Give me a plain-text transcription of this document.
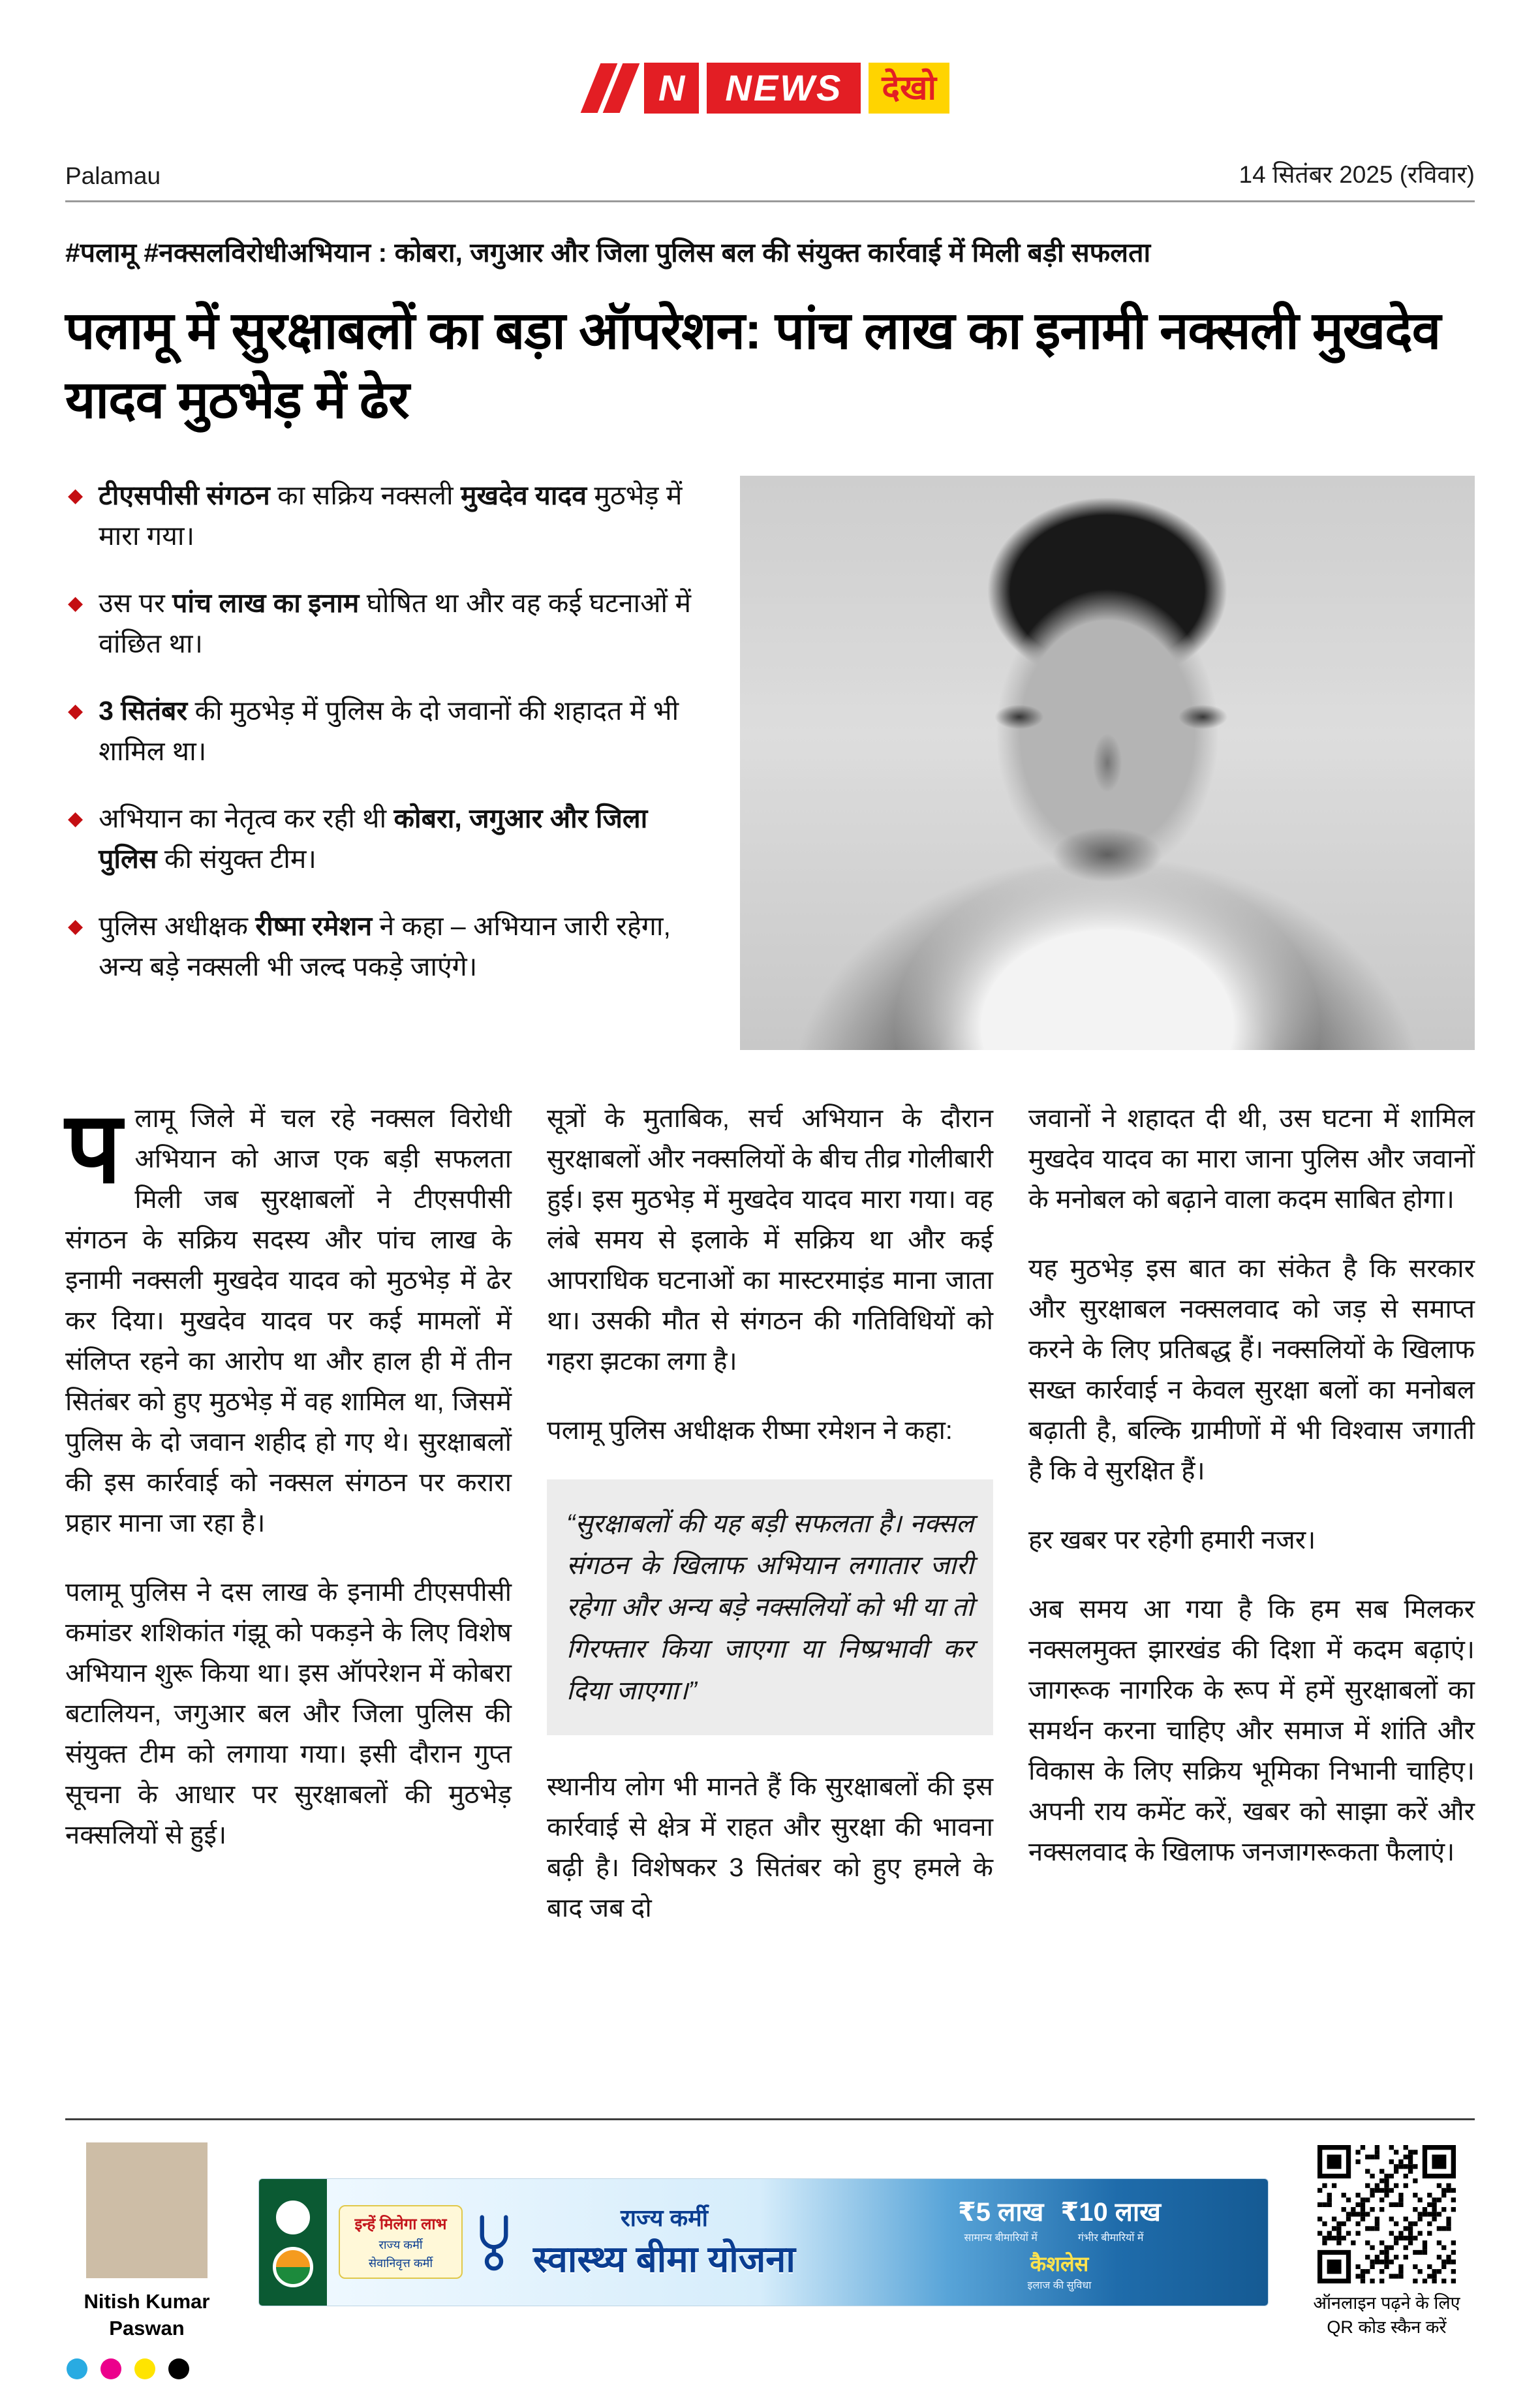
N	NEWS	देखो
Palamau	14 सितंबर 2025 (रविवार)
#पलामू #नक्सलविरोधीअभियान : कोबरा, जगुआर और जिला पुलिस बल की संयुक्त कार्रवाई में मिली बड़ी सफलता
पलामू में सुरक्षाबलों का बड़ा ऑपरेशन: पांच लाख का इनामी नक्सली मुखदेव यादव मुठभेड़ में ढेर
◆ टीएसपीसी संगठन का सक्रिय नक्सली मुखदेव यादव मुठभेड़ में मारा गया।
◆ उस पर पांच लाख का इनाम घोषित था और वह कई घटनाओं में वांछित था।
◆ 3 सितंबर की मुठभेड़ में पुलिस के दो जवानों की शहादत में भी शामिल था।
◆ अभियान का नेतृत्व कर रही थी कोबरा, जगुआर और जिला पुलिस की संयुक्त टीम।
◆ पुलिस अधीक्षक रीष्मा रमेशन ने कहा – अभियान जारी रहेगा, अन्य बड़े नक्सली भी जल्द पकड़े जाएंगे।

पलामू जिले में चल रहे नक्सल विरोधी अभियान को आज एक बड़ी सफलता मिली जब सुरक्षाबलों ने टीएसपीसी संगठन के सक्रिय सदस्य और पांच लाख के इनामी नक्सली मुखदेव यादव को मुठभेड़ में ढेर कर दिया। मुखदेव यादव पर कई मामलों में संलिप्त रहने का आरोप था और हाल ही में तीन सितंबर को हुए मुठभेड़ में वह शामिल था, जिसमें पुलिस के दो जवान शहीद हो गए थे। सुरक्षाबलों की इस कार्रवाई को नक्सल संगठन पर करारा प्रहार माना जा रहा है।

पलामू पुलिस ने दस लाख के इनामी टीएसपीसी कमांडर शशिकांत गंझू को पकड़ने के लिए विशेष अभियान शुरू किया था। इस ऑपरेशन में कोबरा बटालियन, जगुआर बल और जिला पुलिस की संयुक्त टीम को लगाया गया। इसी दौरान गुप्त सूचना के आधार पर सुरक्षाबलों की मुठभेड़ नक्सलियों से हुई।

सूत्रों के मुताबिक, सर्च अभियान के दौरान सुरक्षाबलों और नक्सलियों के बीच तीव्र गोलीबारी हुई। इस मुठभेड़ में मुखदेव यादव मारा गया। वह लंबे समय से इलाके में सक्रिय था और कई आपराधिक घटनाओं का मास्टरमाइंड माना जाता था। उसकी मौत से संगठन की गतिविधियों को गहरा झटका लगा है।

पलामू पुलिस अधीक्षक रीष्मा रमेशन ने कहा:

“सुरक्षाबलों की यह बड़ी सफलता है। नक्सल संगठन के खिलाफ अभियान लगातार जारी रहेगा और अन्य बड़े नक्सलियों को भी या तो गिरफ्तार किया जाएगा या निष्प्रभावी कर दिया जाएगा।”

स्थानीय लोग भी मानते हैं कि सुरक्षाबलों की इस कार्रवाई से क्षेत्र में राहत और सुरक्षा की भावना बढ़ी है। विशेषकर 3 सितंबर को हुए हमले के बाद जब दो

जवानों ने शहादत दी थी, उस घटना में शामिल मुखदेव यादव का मारा जाना पुलिस और जवानों के मनोबल को बढ़ाने वाला कदम साबित होगा।

यह मुठभेड़ इस बात का संकेत है कि सरकार और सुरक्षाबल नक्सलवाद को जड़ से समाप्त करने के लिए प्रतिबद्ध हैं। नक्सलियों के खिलाफ सख्त कार्रवाई न केवल सुरक्षा बलों का मनोबल बढ़ाती है, बल्कि ग्रामीणों में भी विश्वास जगाती है कि वे सुरक्षित हैं।

हर खबर पर रहेगी हमारी नजर।

अब समय आ गया है कि हम सब मिलकर नक्सलमुक्त झारखंड की दिशा में कदम बढ़ाएं। जागरूक नागरिक के रूप में हमें सुरक्षाबलों का समर्थन करना चाहिए और समाज में शांति और विकास के लिए सक्रिय भूमिका निभानी चाहिए। अपनी राय कमेंट करें, खबर को साझा करें और नक्सलवाद के खिलाफ जनजागरूकता फैलाएं।

Nitish Kumar Paswan
इन्हें मिलेगा लाभ
राज्य कर्मी
सेवानिवृत्त कर्मी
राज्य कर्मी
स्वास्थ्य बीमा योजना
₹5 लाख
सामान्य बीमारियों में
₹10 लाख
गंभीर बीमारियों में
कैशलेस
इलाज की सुविधा
ऑनलाइन पढ़ने के लिए QR कोड स्कैन करें
